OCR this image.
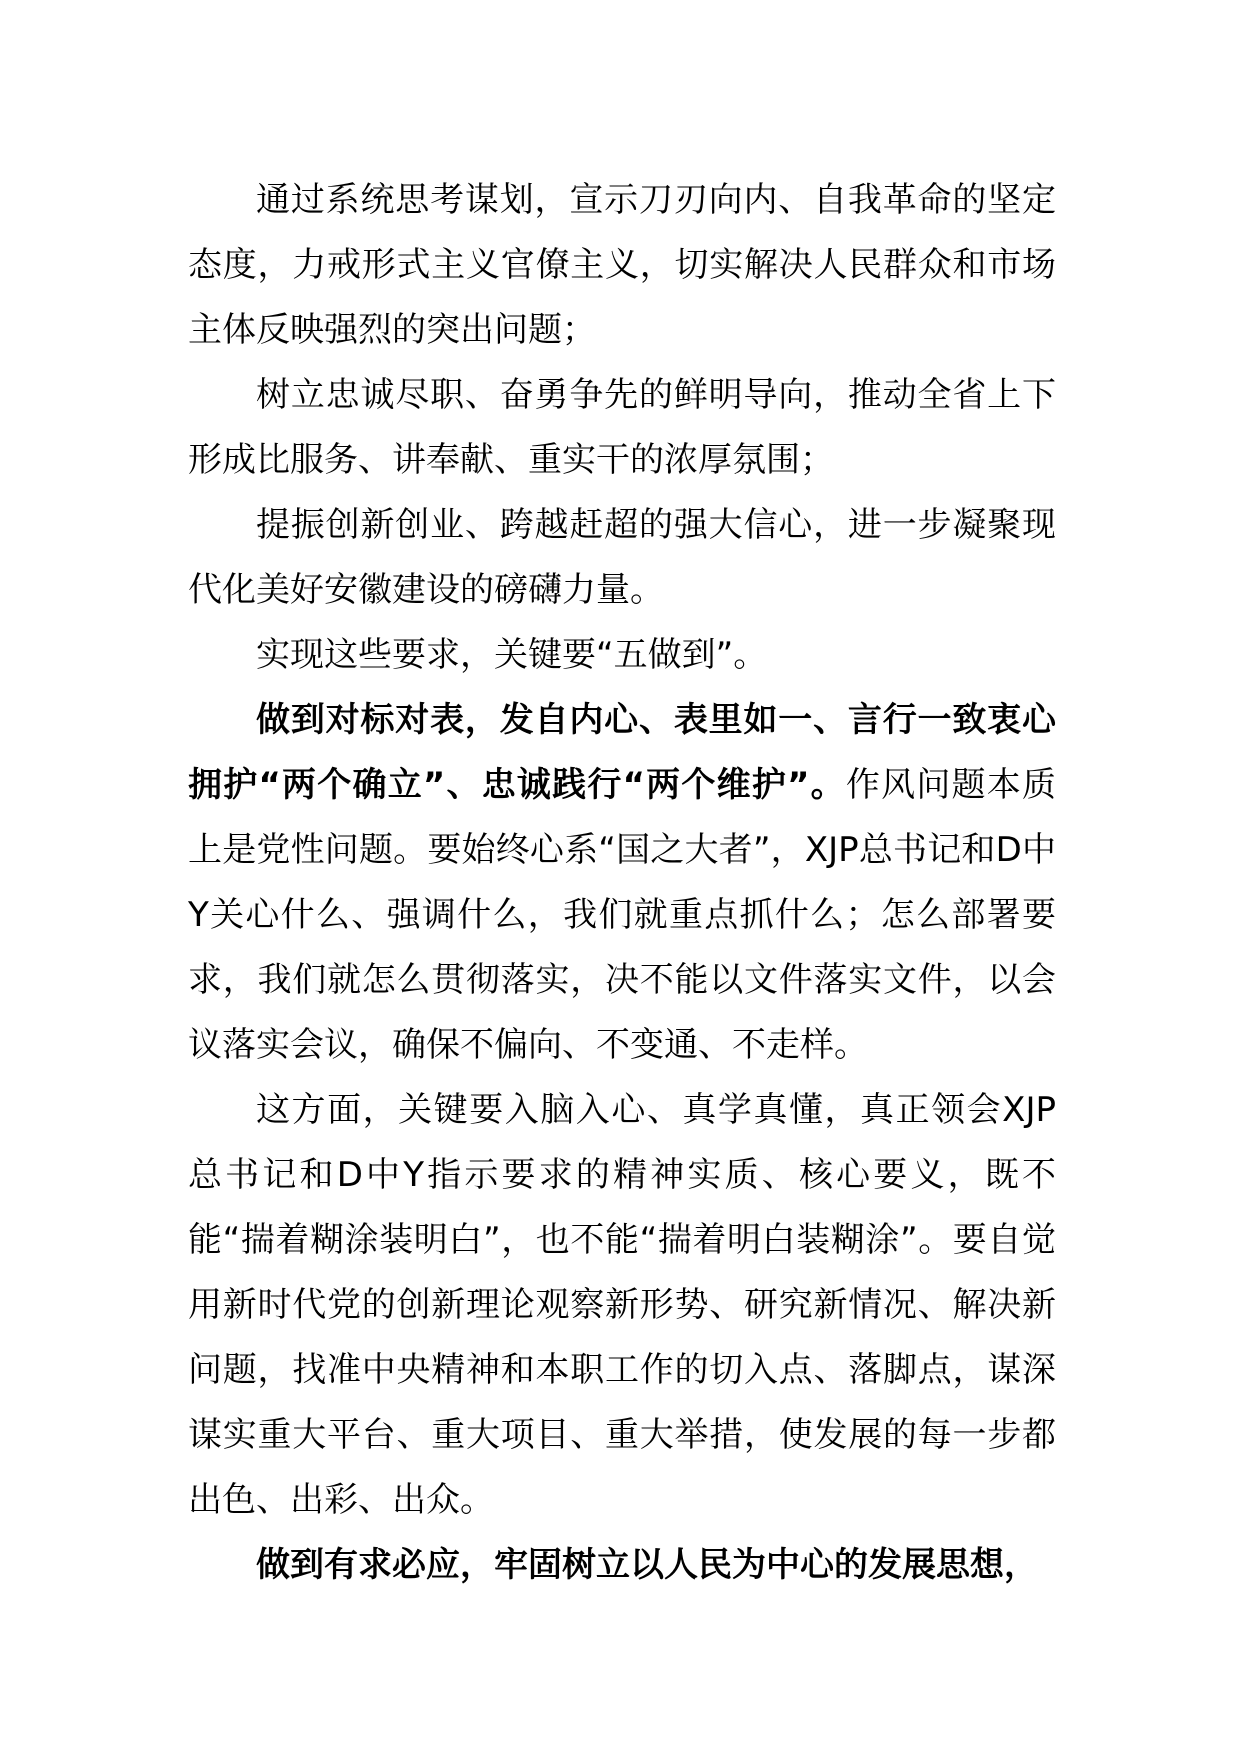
通过系统思考谋划，宣示刀刃向内、自我革命的坚定态度，力戒形式主义官僚主义，切实解决人民群众和市场主体反映强烈的突出问题；

树立忠诚尽职、奋勇争先的鲜明导向，推动全省上下形成比服务、讲奉献、重实干的浓厚氛围；

提振创新创业、跨越赶超的强大信心，进一步凝聚现代化美好安徽建设的磅礴力量。

实现这些要求，关键要“五做到”。

做到对标对表，发自内心、表里如一、言行一致衷心拥护“两个确立”、忠诚践行“两个维护”。作风问题本质上是党性问题。要始终心系“国之大者”，XJP总书记和D中Y关心什么、强调什么，我们就重点抓什么；怎么部署要求，我们就怎么贯彻落实，决不能以文件落实文件，以会议落实会议，确保不偏向、不变通、不走样。

这方面，关键要入脑入心、真学真懂，真正领会XJP总书记和D中Y指示要求的精神实质、核心要义，既不能“揣着糊涂装明白”，也不能“揣着明白装糊涂”。要自觉用新时代党的创新理论观察新形势、研究新情况、解决新问题，找准中央精神和本职工作的切入点、落脚点，谋深谋实重大平台、重大项目、重大举措，使发展的每一步都出色、出彩、出众。

做到有求必应，牢固树立以人民为中心的发展思想，
